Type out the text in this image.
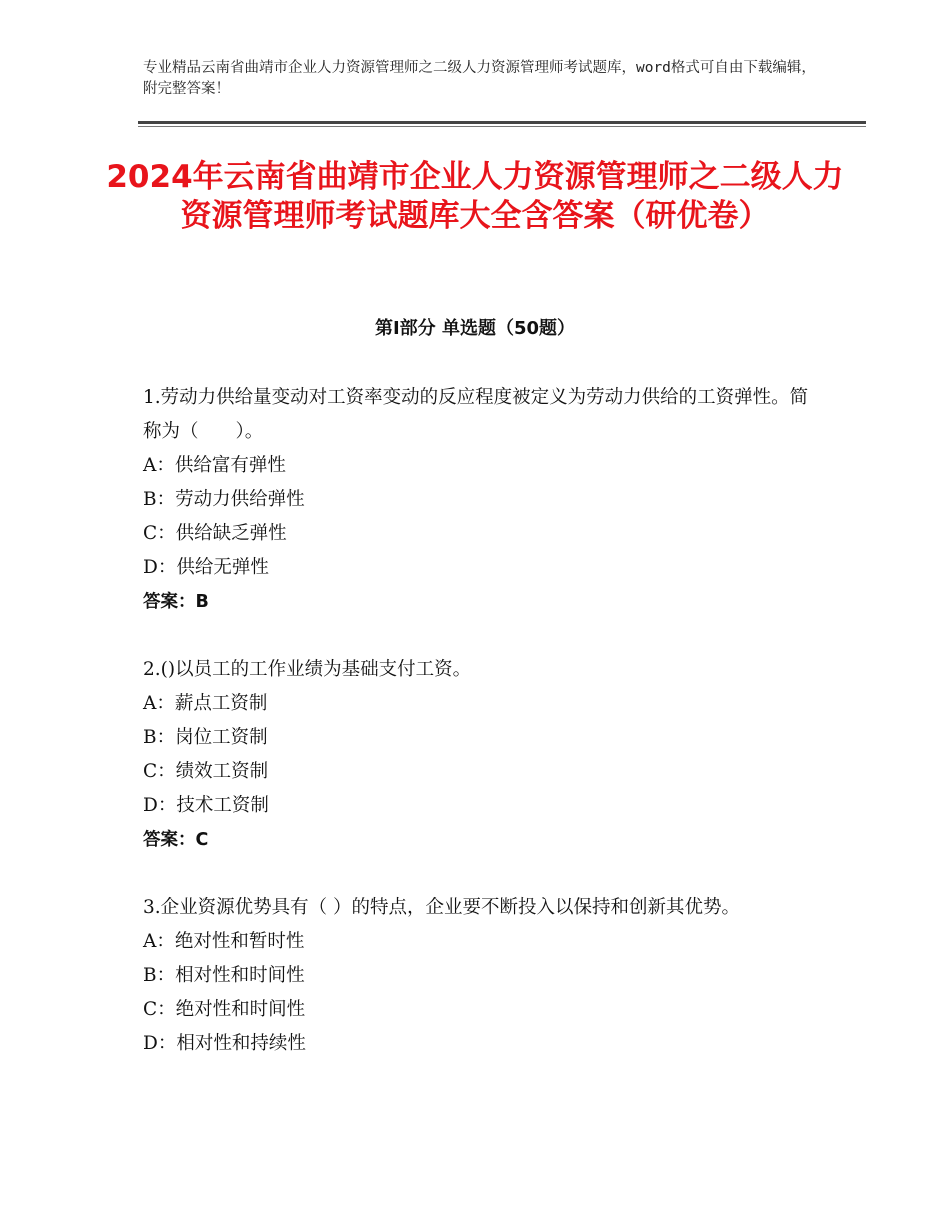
专业精品云南省曲靖市企业人力资源管理师之二级人力资源管理师考试题库，word格式可自由下载编辑，附完整答案！
2024年云南省曲靖市企业人力资源管理师之二级人力资源管理师考试题库大全含答案（研优卷）
第Ⅰ部分 单选题（50题）

1.劳动力供给量变动对工资率变动的反应程度被定义为劳动力供给的工资弹性。简称为（　　）。

A：供给富有弹性

B：劳动力供给弹性

C：供给缺乏弹性

D：供给无弹性

答案：B

2.()以员工的工作业绩为基础支付工资。

A：薪点工资制

B：岗位工资制

C：绩效工资制

D：技术工资制

答案：C

3.企业资源优势具有（ ）的特点，企业要不断投入以保持和创新其优势。

A：绝对性和暂时性

B：相对性和时间性

C：绝对性和时间性

D：相对性和持续性
